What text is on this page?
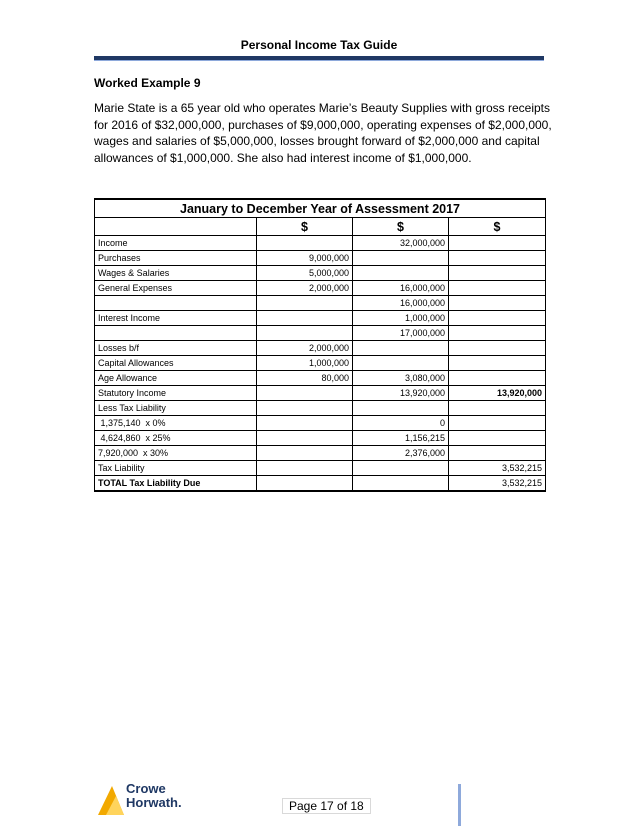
Personal Income Tax Guide
Worked Example 9
Marie State is a 65 year old who operates Marie’s Beauty Supplies with gross receipts
for 2016 of $32,000,000, purchases of $9,000,000, operating expenses of $2,000,000,
wages and salaries of $5,000,000, losses brought forward of $2,000,000 and capital
allowances of $1,000,000. She also had interest income of $1,000,000.
January to December Year of Assessment 2017			
	$	$	$
Income		32,000,000	
Purchases	9,000,000		
Wages & Salaries	5,000,000		
General Expenses	2,000,000	16,000,000	
		16,000,000	
Interest Income		1,000,000	
		17,000,000	
Losses b/f	2,000,000		
Capital Allowances	1,000,000		
Age Allowance	80,000	3,080,000	
Statutory Income		13,920,000	13,920,000
Less Tax Liability			
1,375,140  x 0%		0	
4,624,860  x 25%		1,156,215	
7,920,000  x 30%		2,376,000	
Tax Liability			3,532,215
TOTAL Tax Liability Due			3,532,215
Crowe
Horwath.	Page 17 of 18
